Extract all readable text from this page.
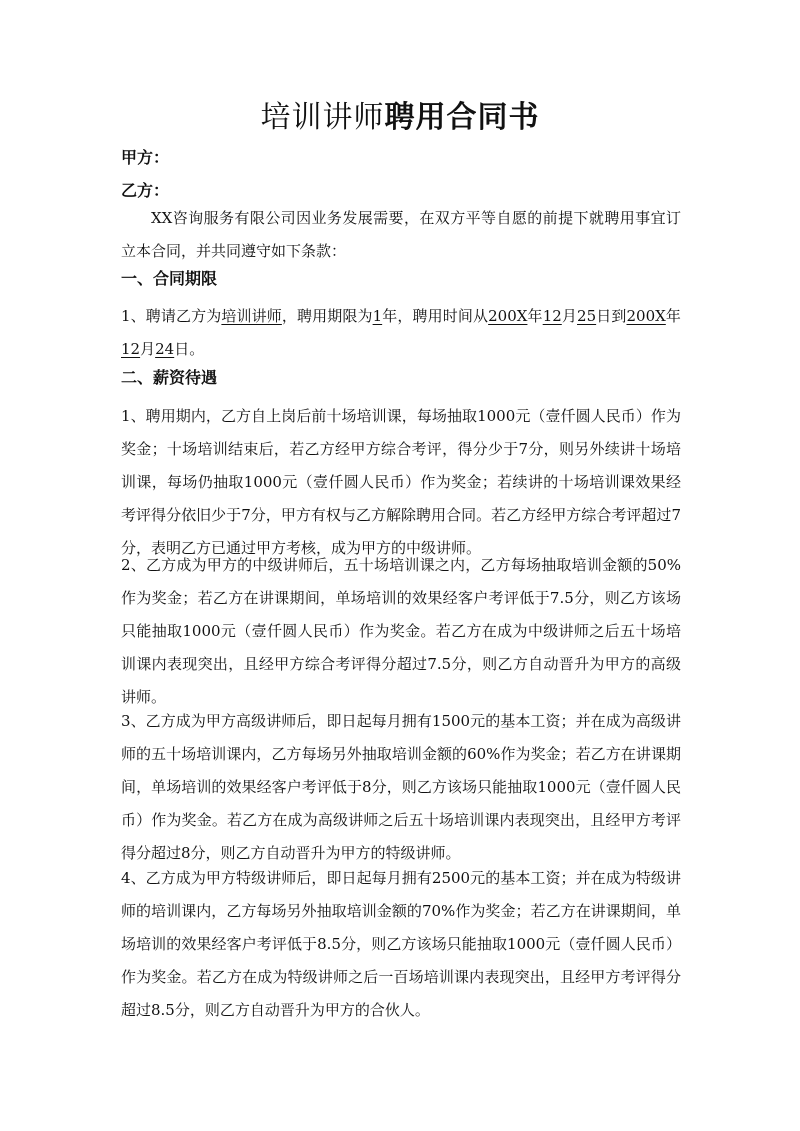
培训讲师聘用合同书
甲方：
乙方：
XX咨询服务有限公司因业务发展需要，在双方平等自愿的前提下就聘用事宜订立本合同，并共同遵守如下条款：
一、合同期限
1、聘请乙方为培训讲师，聘用期限为1年，聘用时间从200X年12月25日到200X年12月24日。
二、薪资待遇
1、聘用期内，乙方自上岗后前十场培训课，每场抽取1000元（壹仟圆人民币）作为奖金；十场培训结束后，若乙方经甲方综合考评，得分少于7分，则另外续讲十场培训课，每场仍抽取1000元（壹仟圆人民币）作为奖金；若续讲的十场培训课效果经考评得分依旧少于7分，甲方有权与乙方解除聘用合同。若乙方经甲方综合考评超过7分，表明乙方已通过甲方考核，成为甲方的中级讲师。
2、乙方成为甲方的中级讲师后，五十场培训课之内，乙方每场抽取培训金额的50%作为奖金；若乙方在讲课期间，单场培训的效果经客户考评低于7.5分，则乙方该场只能抽取1000元（壹仟圆人民币）作为奖金。若乙方在成为中级讲师之后五十场培训课内表现突出，且经甲方综合考评得分超过7.5分，则乙方自动晋升为甲方的高级讲师。
3、乙方成为甲方高级讲师后，即日起每月拥有1500元的基本工资；并在成为高级讲师的五十场培训课内，乙方每场另外抽取培训金额的60%作为奖金；若乙方在讲课期间，单场培训的效果经客户考评低于8分，则乙方该场只能抽取1000元（壹仟圆人民币）作为奖金。若乙方在成为高级讲师之后五十场培训课内表现突出，且经甲方考评得分超过8分，则乙方自动晋升为甲方的特级讲师。
4、乙方成为甲方特级讲师后，即日起每月拥有2500元的基本工资；并在成为特级讲师的培训课内，乙方每场另外抽取培训金额的70%作为奖金；若乙方在讲课期间，单场培训的效果经客户考评低于8.5分，则乙方该场只能抽取1000元（壹仟圆人民币）作为奖金。若乙方在成为特级讲师之后一百场培训课内表现突出，且经甲方考评得分超过8.5分，则乙方自动晋升为甲方的合伙人。
